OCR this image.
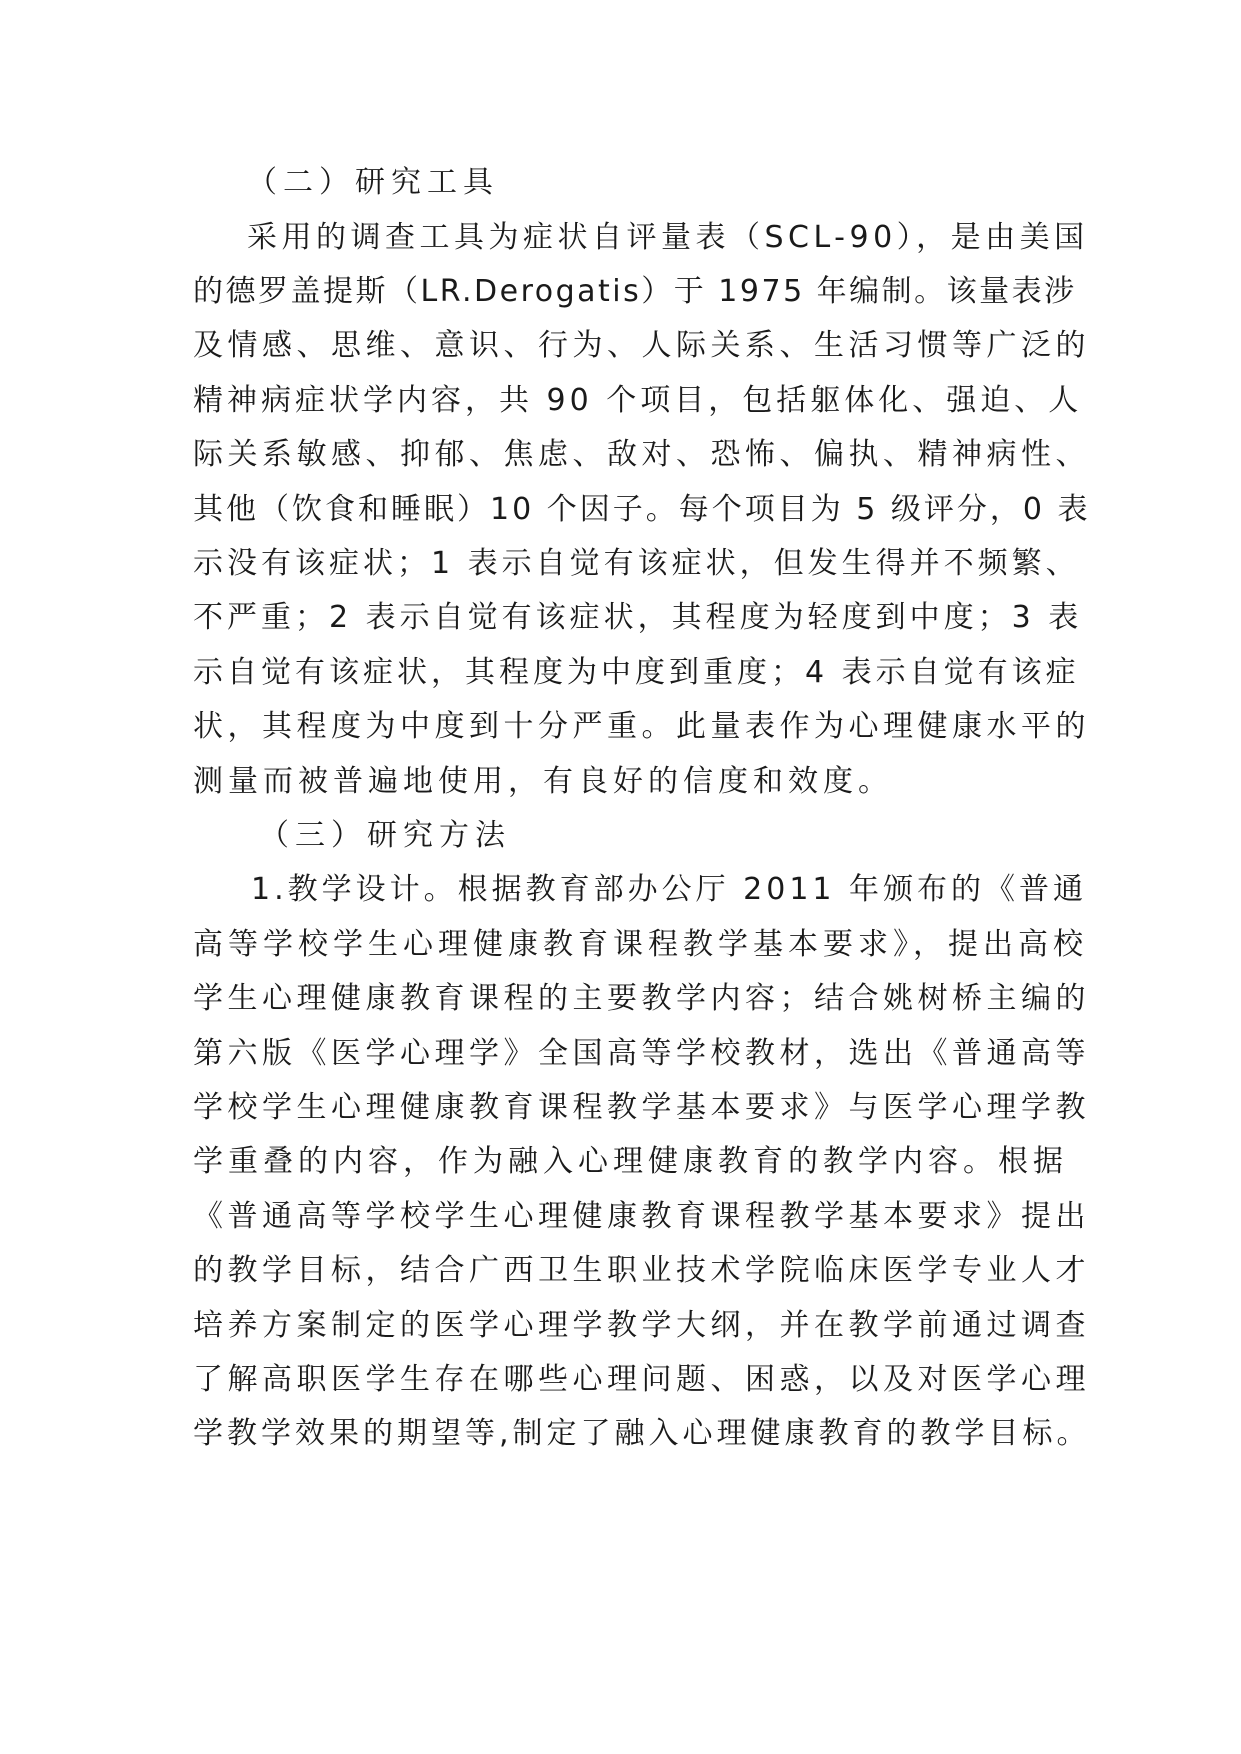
（二）研究工具
采用的调查工具为症状自评量表（SCL-90），是由美国
的德罗盖提斯（LR.Derogatis）于 1975 年编制。该量表涉
及情感、思维、意识、行为、人际关系、生活习惯等广泛的
精神病症状学内容，共 90 个项目，包括躯体化、强迫、人
际关系敏感、抑郁、焦虑、敌对、恐怖、偏执、精神病性、
其他（饮食和睡眠）10 个因子。每个项目为 5 级评分，0 表
示没有该症状；1 表示自觉有该症状，但发生得并不频繁、
不严重；2 表示自觉有该症状，其程度为轻度到中度；3 表
示自觉有该症状，其程度为中度到重度；4 表示自觉有该症
状，其程度为中度到十分严重。此量表作为心理健康水平的
测量而被普遍地使用，有良好的信度和效度。
（三）研究方法
1.教学设计。根据教育部办公厅 2011 年颁布的《普通
高等学校学生心理健康教育课程教学基本要求》，提出高校
学生心理健康教育课程的主要教学内容；结合姚树桥主编的
第六版《医学心理学》全国高等学校教材，选出《普通高等
学校学生心理健康教育课程教学基本要求》与医学心理学教
学重叠的内容，作为融入心理健康教育的教学内容。根据
《普通高等学校学生心理健康教育课程教学基本要求》提出
的教学目标，结合广西卫生职业技术学院临床医学专业人才
培养方案制定的医学心理学教学大纲，并在教学前通过调查
了解高职医学生存在哪些心理问题、困惑，以及对医学心理
学教学效果的期望等,制定了融入心理健康教育的教学目标。
